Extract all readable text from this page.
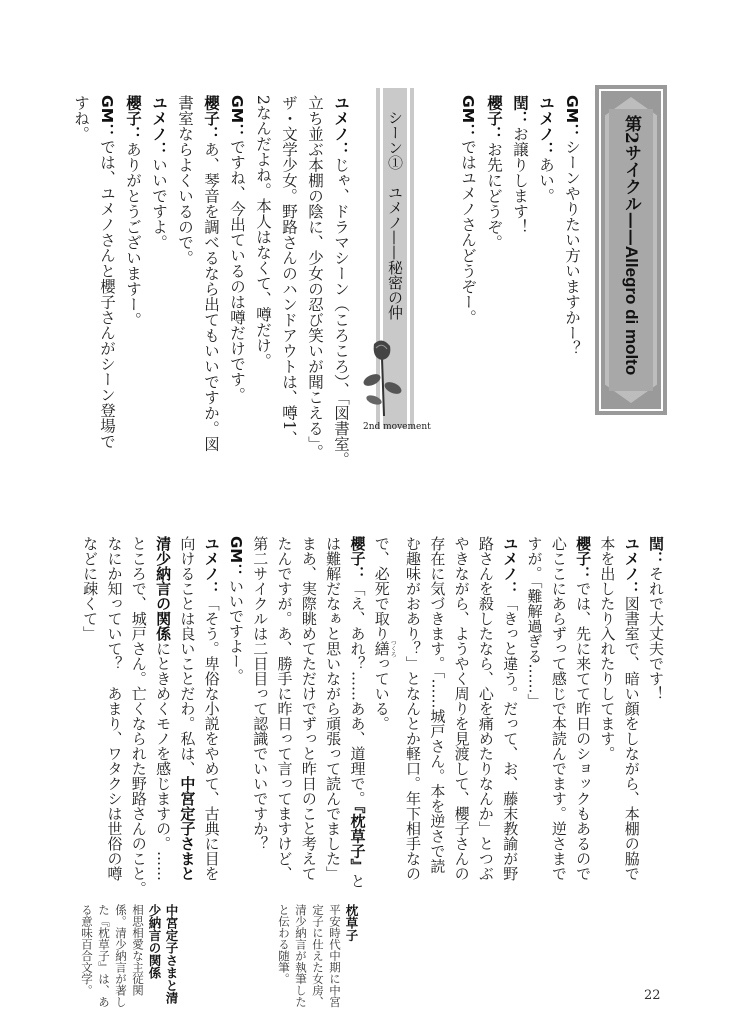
第2サイクル——Allegro di molto
GM：シーンやりたい方いますかー？
ユメノ：あい。
閏：お譲りします！
櫻子：お先にどうぞ。
GM：ではユメノさんどうぞー。
シーン①　ユメノ——秘密の仲
2nd movement
ユメノ：じゃ、ドラマシーン（ころころ）、「図書室。
立ち並ぶ本棚の陰に、少女の忍び笑いが聞こえる」。
ザ・文学少女。野路さんのハンドアウトは、噂1、
2なんだよね。本人はなくて、噂だけ。
GM：ですね、今出ているのは噂だけです。
櫻子：あ、琴音を調べるなら出てもいいですか。図
書室ならよくいるので。
ユメノ：いいですよ。
櫻子：ありがとうございますー。
GM：では、ユメノさんと櫻子さんがシーン登場で
すね。
閏：それで大丈夫です！
ユメノ：図書室で、暗い顔をしながら、本棚の脇で
本を出したり入れたりしてます。
櫻子：では、先に来てて昨日のショックもあるので
心ここにあらずって感じで本読んでます。逆さまで
すが。「難解過ぎる……」
ユメノ：「きっと違う。だって、お、藤末教諭が野
路さんを殺したなら、心を痛めたりなんか」とつぶ
やきながら、ようやく周りを見渡して、櫻子さんの
存在に気づきます。「……城戸さん。本を逆さで読
む趣味がおあり？」となんとか軽口。年下相手なの
で、必死で取り繕つくろっている。
櫻子：「え、あれ？……ああ、道理で。『枕草子』と
は難解だなぁと思いながら頑張って読んでました」
まあ、実際眺めてただけでずっと昨日のこと考えて
たんですが。あ、勝手に昨日って言ってますけど、
第二サイクルは二日目って認識でいいですか？
GM：いいですよー。
ユメノ：「そう。卑俗な小説をやめて、古典に目を
向けることは良いことだわ。私は、中宮定子さまと
清少納言の関係にときめくモノを感じますの。……
ところで、城戸さん。亡くなられた野路さんのこと。
なにか知っていて？　あまり、ワタクシは世俗の噂
などに疎くて」
枕草子
平安時代中期に中宮
定子に仕えた女房、
清少納言が執筆した
と伝わる随筆。
中宮定子さまと清
少納言の関係
相思相愛な主従関
係。清少納言が著し
た『枕草子』は、あ
る意味百合文学。	22
